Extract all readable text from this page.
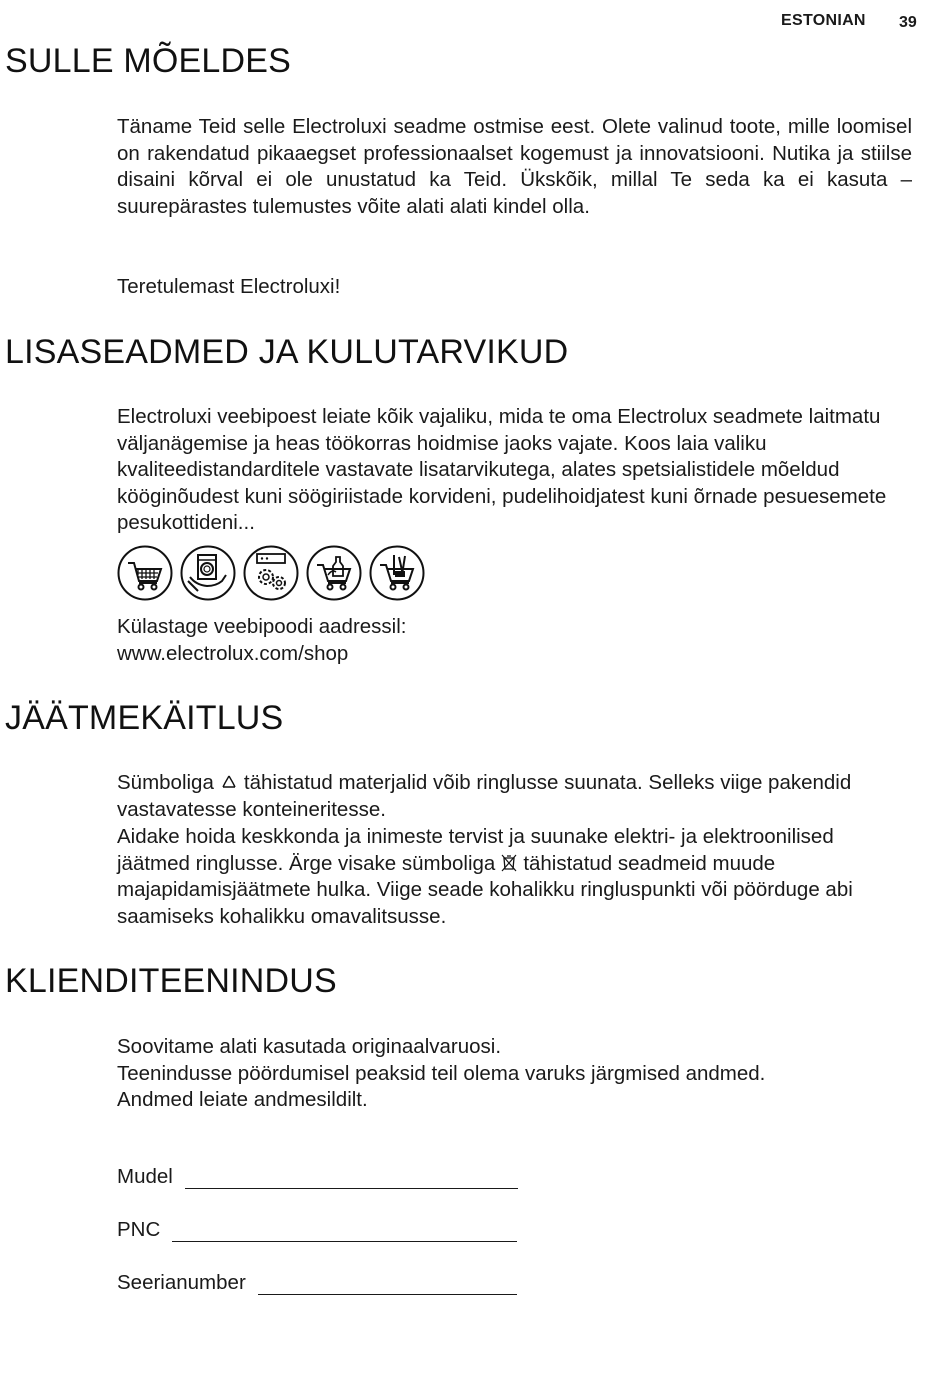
ESTONIAN 39
SULLE MÕELDES

Täname Teid selle Electroluxi seadme ostmise eest. Olete valinud toote, mille loomisel on rakendatud pikaaegset professionaalset kogemust ja innovatsiooni. Nutika ja stiilse disaini kõrval ei ole unustatud ka Teid. Ükskõik, millal Te seda ka ei kasuta – suurepärastes tulemustes võite alati alati kindel olla.

Teretulemast Electroluxi!

LISASEADMED JA KULUTARVIKUD

Electroluxi veebipoest leiate kõik vajaliku, mida te oma Electrolux seadmete laitmatu väljanägemise ja heas töökorras hoidmise jaoks vajate. Koos laia valiku kvaliteedistandarditele vastavate lisatarvikutega, alates spetsialistidele mõeldud kööginõudest kuni söögiriistade korvideni, pudelihoidjatest kuni õrnade pesuesemete pesukottideni...

Külastage veebipoodi aadressil:

www.electrolux.com/shop

JÄÄTMEKÄITLUS

Sümboliga tähistatud materjalid võib ringlusse suunata. Selleks viige pakendid vastavatesse konteineritesse.

Aidake hoida keskkonda ja inimeste tervist ja suunake elektri- ja elektroonilised jäätmed ringlusse. Ärge visake sümboliga tähistatud seadmeid muude majapidamisjäätmete hulka. Viige seade kohalikku ringluspunkti või pöörduge abi saamiseks kohalikku omavalitsusse.

KLIENDITEENINDUS

Soovitame alati kasutada originaalvaruosi.

Teenindusse pöördumisel peaksid teil olema varuks järgmised andmed.

Andmed leiate andmesildilt.

Mudel
PNC
Seerianumber
